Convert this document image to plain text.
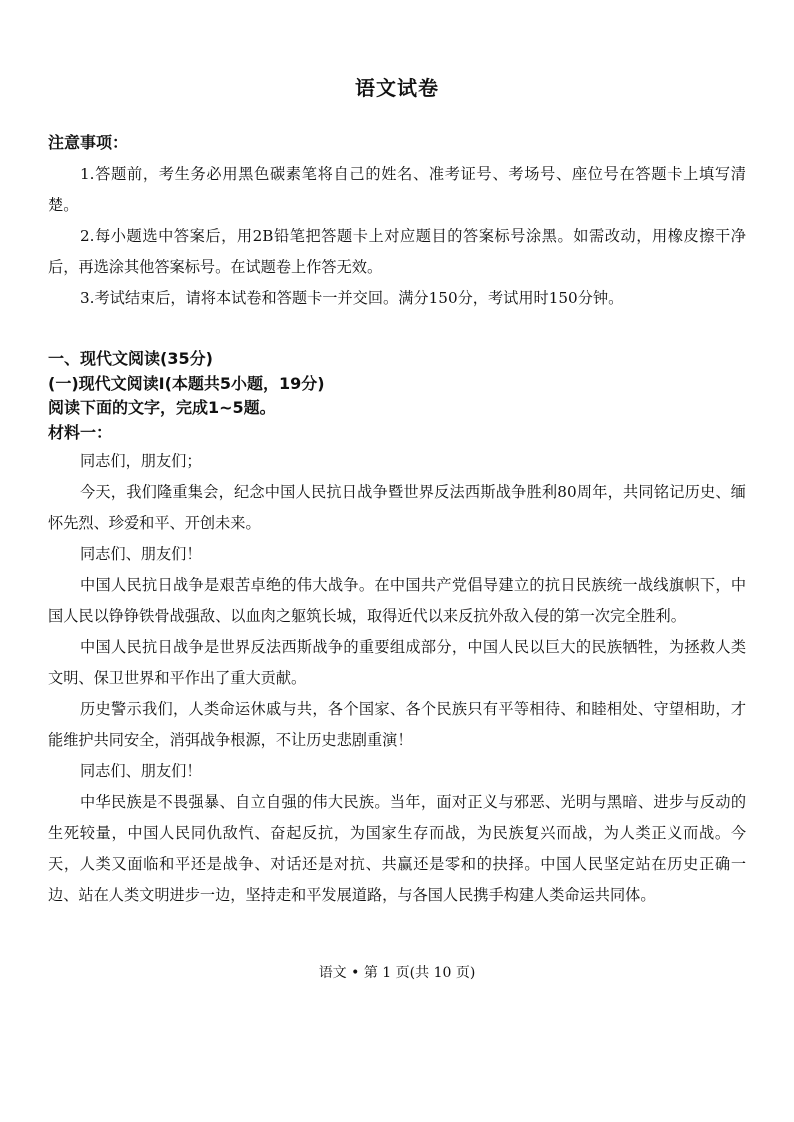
语文试卷
注意事项：

1.答题前，考生务必用黑色碳素笔将自己的姓名、准考证号、考场号、座位号在答题卡上填写清楚。

2.每小题选中答案后，用2B铅笔把答题卡上对应题目的答案标号涂黑。如需改动，用橡皮擦干净后，再选涂其他答案标号。在试题卷上作答无效。

3.考试结束后，请将本试卷和答题卡一并交回。满分150分，考试用时150分钟。

一、现代文阅读(35分)
(一)现代文阅读Ⅰ(本题共5小题，19分)
阅读下面的文字，完成1~5题。
材料一：

同志们，朋友们；

今天，我们隆重集会，纪念中国人民抗日战争暨世界反法西斯战争胜利80周年，共同铭记历史、缅怀先烈、珍爱和平、开创未来。

同志们、朋友们！

中国人民抗日战争是艰苦卓绝的伟大战争。在中国共产党倡导建立的抗日民族统一战线旗帜下，中国人民以铮铮铁骨战强敌、以血肉之躯筑长城，取得近代以来反抗外敌入侵的第一次完全胜利。

中国人民抗日战争是世界反法西斯战争的重要组成部分，中国人民以巨大的民族牺牲，为拯救人类文明、保卫世界和平作出了重大贡献。

历史警示我们，人类命运休戚与共，各个国家、各个民族只有平等相待、和睦相处、守望相助，才能维护共同安全，消弭战争根源，不让历史悲剧重演！

同志们、朋友们！

中华民族是不畏强暴、自立自强的伟大民族。当年，面对正义与邪恶、光明与黑暗、进步与反动的生死较量，中国人民同仇敌忾、奋起反抗，为国家生存而战，为民族复兴而战，为人类正义而战。今天，人类又面临和平还是战争、对话还是对抗、共赢还是零和的抉择。中国人民坚定站在历史正确一边、站在人类文明进步一边，坚持走和平发展道路，与各国人民携手构建人类命运共同体。

语文 • 第 1 页(共 10 页)
